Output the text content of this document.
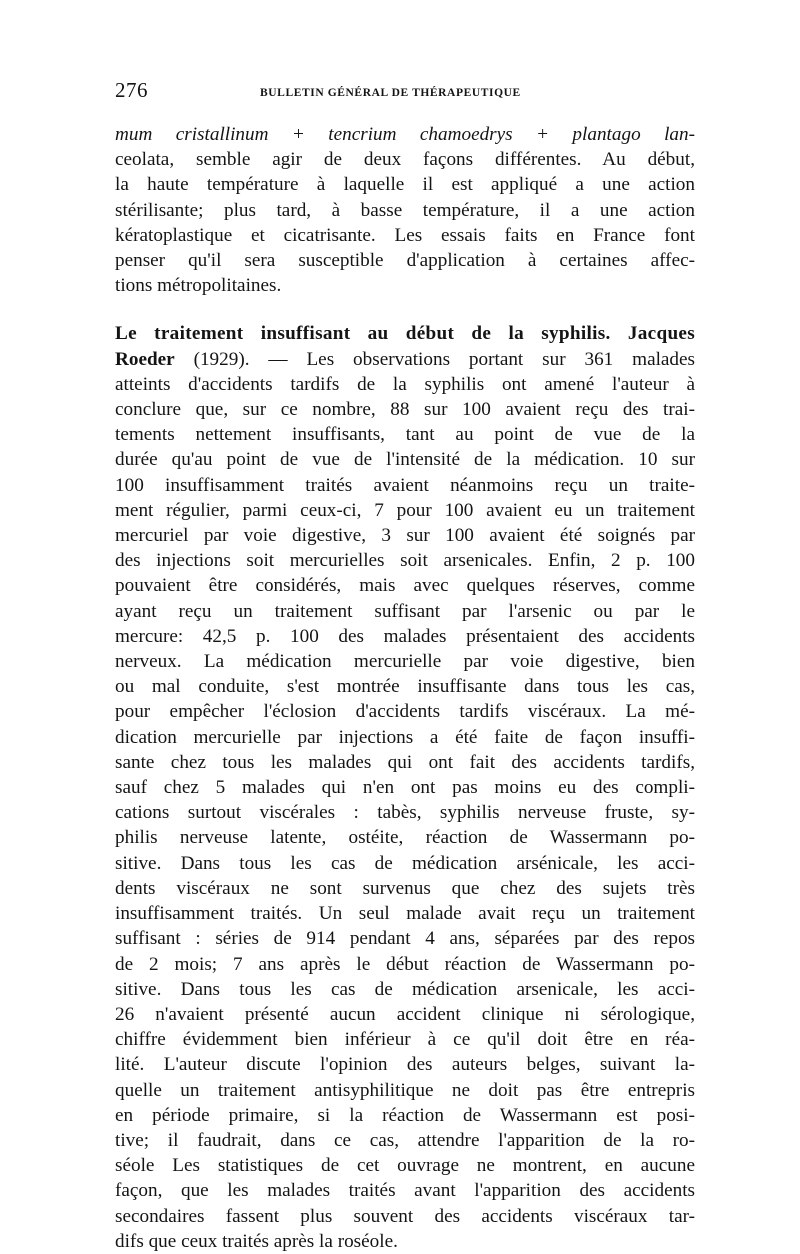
276	BULLETIN GÉNÉRAL DE THÉRAPEUTIQUE

mum cristallinum + tencrium chamoedrys + plantago lan-
ceolata, semble agir de deux façons différentes. Au début,
la haute température à laquelle il est appliqué a une action
stérilisante; plus tard, à basse température, il a une action
kératoplastique et cicatrisante. Les essais faits en France font
penser qu'il sera susceptible d'application à certaines affec-
tions métropolitaines.

Le traitement insuffisant au début de la syphilis. Jacques
Roeder (1929). — Les observations portant sur 361 malades
atteints d'accidents tardifs de la syphilis ont amené l'auteur à
conclure que, sur ce nombre, 88 sur 100 avaient reçu des trai-
tements nettement insuffisants, tant au point de vue de la
durée qu'au point de vue de l'intensité de la médication. 10 sur
100 insuffisamment traités avaient néanmoins reçu un traite-
ment régulier, parmi ceux-ci, 7 pour 100 avaient eu un traitement
mercuriel par voie digestive, 3 sur 100 avaient été soignés par
des injections soit mercurielles soit arsenicales. Enfin, 2 p. 100
pouvaient être considérés, mais avec quelques réserves, comme
ayant reçu un traitement suffisant par l'arsenic ou par le
mercure: 42,5 p. 100 des malades présentaient des accidents
nerveux. La médication mercurielle par voie digestive, bien
ou mal conduite, s'est montrée insuffisante dans tous les cas,
pour empêcher l'éclosion d'accidents tardifs viscéraux. La mé-
dication mercurielle par injections a été faite de façon insuffi-
sante chez tous les malades qui ont fait des accidents tardifs,
sauf chez 5 malades qui n'en ont pas moins eu des compli-
cations surtout viscérales : tabès, syphilis nerveuse fruste, sy-
philis nerveuse latente, ostéite, réaction de Wassermann po-
sitive. Dans tous les cas de médication arsénicale, les acci-
dents viscéraux ne sont survenus que chez des sujets très
insuffisamment traités. Un seul malade avait reçu un traitement
suffisant : séries de 914 pendant 4 ans, séparées par des repos
de 2 mois; 7 ans après le début réaction de Wassermann po-
sitive. Dans tous les cas de médication arsenicale, les acci-
26 n'avaient présenté aucun accident clinique ni sérologique,
chiffre évidemment bien inférieur à ce qu'il doit être en réa-
lité. L'auteur discute l'opinion des auteurs belges, suivant la-
quelle un traitement antisyphilitique ne doit pas être entrepris
en période primaire, si la réaction de Wassermann est posi-
tive; il faudrait, dans ce cas, attendre l'apparition de la ro-
séole Les statistiques de cet ouvrage ne montrent, en aucune
façon, que les malades traités avant l'apparition des accidents
secondaires fassent plus souvent des accidents viscéraux tar-
difs que ceux traités après la roséole.
